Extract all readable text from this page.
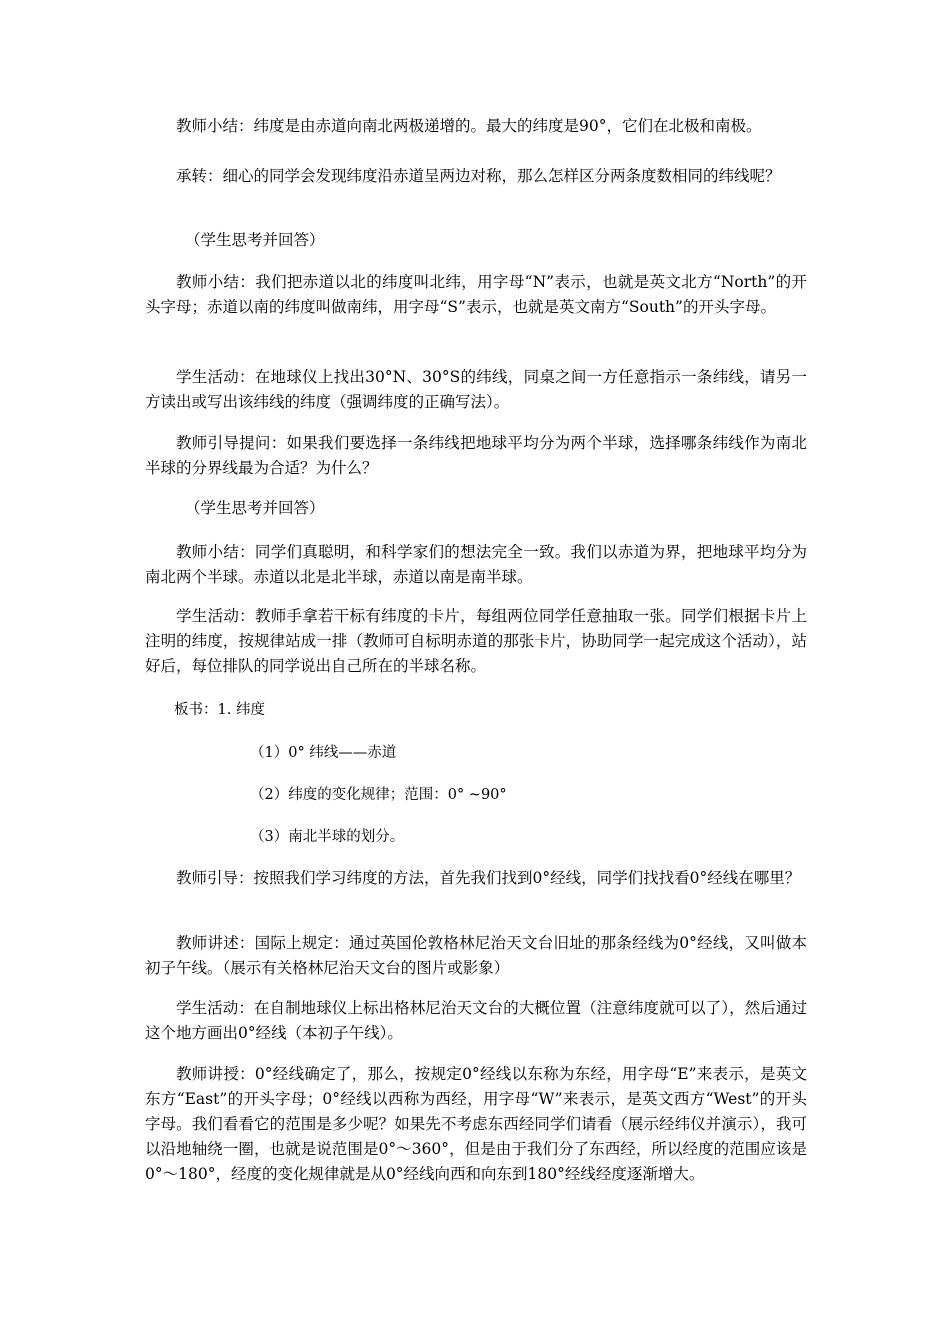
教师小结：纬度是由赤道向南北两极递增的。最大的纬度是90°，它们在北极和南极。

承转：细心的同学会发现纬度沿赤道呈两边对称，那么怎样区分两条度数相同的纬线呢？

（学生思考并回答）

教师小结：我们把赤道以北的纬度叫北纬，用字母“N”表示，也就是英文北方“North”的开头字母；赤道以南的纬度叫做南纬，用字母“S”表示，也就是英文南方“South”的开头字母。

学生活动：在地球仪上找出30°N、30°S的纬线，同桌之间一方任意指示一条纬线，请另一方读出或写出该纬线的纬度（强调纬度的正确写法）。

教师引导提问：如果我们要选择一条纬线把地球平均分为两个半球，选择哪条纬线作为南北半球的分界线最为合适？为什么？

（学生思考并回答）

教师小结：同学们真聪明，和科学家们的想法完全一致。我们以赤道为界，把地球平均分为南北两个半球。赤道以北是北半球，赤道以南是南半球。

学生活动：教师手拿若干标有纬度的卡片，每组两位同学任意抽取一张。同学们根据卡片上注明的纬度，按规律站成一排（教师可自标明赤道的那张卡片，协助同学一起完成这个活动），站好后，每位排队的同学说出自己所在的半球名称。

板书：1. 纬度
（1）0° 纬线——赤道
（2）纬度的变化规律；范围：0° ~90°
（3）南北半球的划分。

教师引导：按照我们学习纬度的方法，首先我们找到0°经线，同学们找找看0°经线在哪里？

教师讲述：国际上规定：通过英国伦敦格林尼治天文台旧址的那条经线为0°经线，又叫做本初子午线。（展示有关格林尼治天文台的图片或影象）

学生活动：在自制地球仪上标出格林尼治天文台的大概位置（注意纬度就可以了），然后通过这个地方画出0°经线（本初子午线）。

教师讲授：0°经线确定了，那么，按规定0°经线以东称为东经，用字母“E”来表示，是英文东方“East”的开头字母；0°经线以西称为西经，用字母“W”来表示，是英文西方“West”的开头字母。我们看看它的范围是多少呢？如果先不考虑东西经同学们请看（展示经纬仪并演示），我可以沿地轴绕一圈，也就是说范围是0°～360°，但是由于我们分了东西经，所以经度的范围应该是0°～180°，经度的变化规律就是从0°经线向西和向东到180°经线经度逐渐增大。
